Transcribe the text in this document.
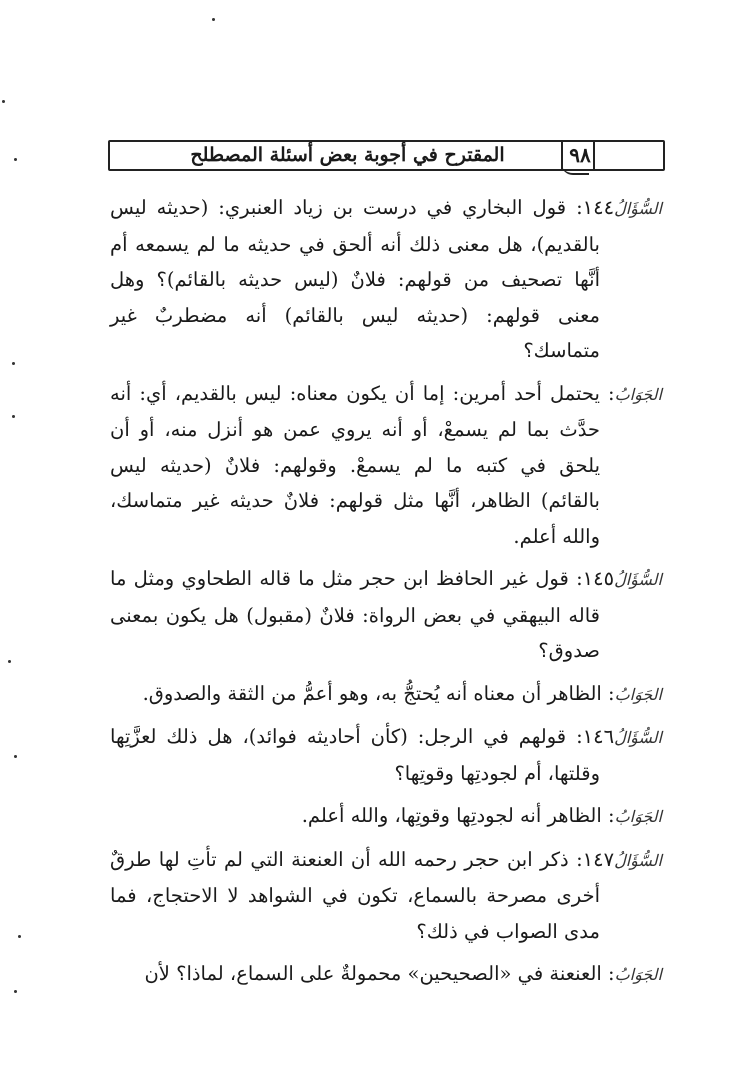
المقترح في أجوبة بعض أسئلة المصطلح	٩٨

السُّؤَالُ١٤٤: قول البخاري في درست بن زياد العنبري: (حديثه ليس بالقديم)، هل معنى ذلك أنه ألحق في حديثه ما لم يسمعه أم أنَّها تصحيف من قولهم: فلانٌ (ليس حديثه بالقائم)؟ وهل معنى قولهم: (حديثه ليس بالقائم) أنه مضطربٌ غير متماسك؟

الجَوَابُ: يحتمل أحد أمرين: إما أن يكون معناه: ليس بالقديم، أي: أنه حدَّث بما لم يسمعْ، أو أنه يروي عمن هو أنزل منه، أو أن يلحق في كتبه ما لم يسمعْ. وقولهم: فلانٌ (حديثه ليس بالقائم) الظاهر، أنَّها مثل قولهم: فلانٌ حديثه غير متماسك، والله أعلم.

السُّؤَالُ١٤٥: قول غير الحافظ ابن حجر مثل ما قاله الطحاوي ومثل ما قاله البيهقي في بعض الرواة: فلانٌ (مقبول) هل يكون بمعنى صدوق؟

الجَوَابُ: الظاهر أن معناه أنه يُحتجُّ به، وهو أعمُّ من الثقة والصدوق.

السُّؤَالُ١٤٦: قولهم في الرجل: (كأن أحاديثه فوائد)، هل ذلك لعزَّتِها وقلتها، أم لجودتِها وقوتِها؟

الجَوَابُ: الظاهر أنه لجودتِها وقوتِها، والله أعلم.

السُّؤَالُ١٤٧: ذكر ابن حجر رحمه الله أن العنعنة التي لم تأتِ لها طرقٌ أخرى مصرحة بالسماع، تكون في الشواهد لا الاحتجاج، فما مدى الصواب في ذلك؟

الجَوَابُ: العنعنة في «الصحيحين» محمولةٌ على السماع، لماذا؟ لأن
